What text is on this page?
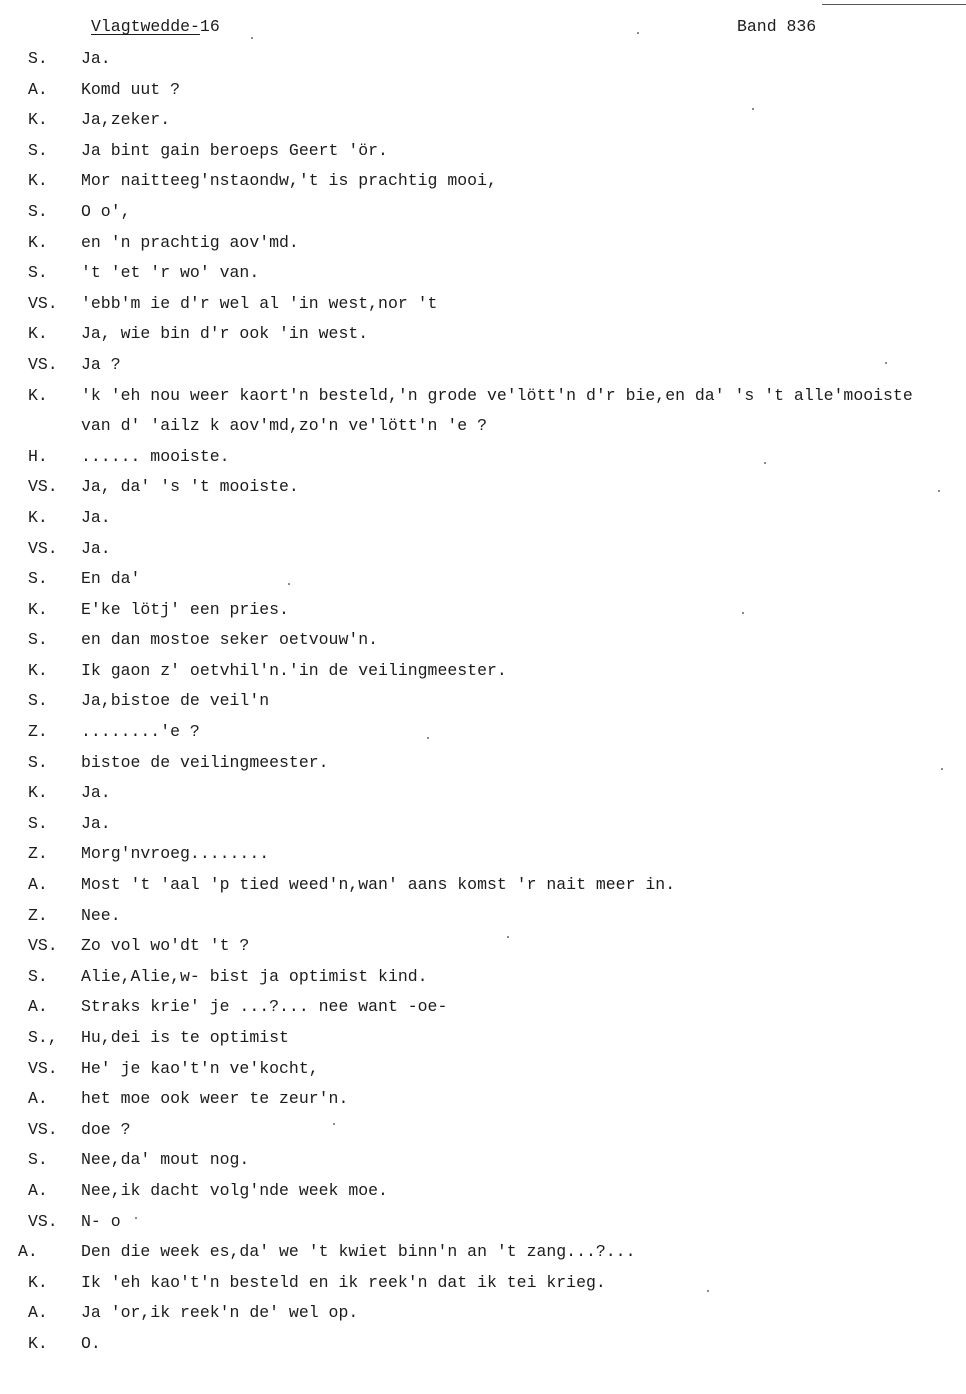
Vlagtwedde-16	Band 836
S. Ja.
A. Komd uut ?
K. Ja,zeker.
S. Ja bint gain beroeps Geert 'ör.
K. Mor naitteeg'nstaondw,'t is prachtig mooi,
S. O o',
K. en 'n prachtig aov'md.
S. 't 'et 'r wo' van.
VS. 'ebb'm ie d'r wel al 'in west,nor 't
K. Ja, wie bin d'r ook 'in west.
VS. Ja ?
K. 'k 'eh nou weer kaort'n besteld,'n grode ve'lött'n d'r bie,en da' 's 't alle'mooiste
van d' 'ailz k aov'md,zo'n ve'lött'n 'e ?
H. ...... mooiste.
VS. Ja, da' 's 't mooiste.
K. Ja.
VS. Ja.
S. En da'
K. E'ke lötj' een pries.
S. en dan mostoe seker oetvouw'n.
K. Ik gaon z' oetvhil'n.'in de veilingmeester.
S. Ja,bistoe de veil'n
Z. ........'e ?
S. bistoe de veilingmeester.
K. Ja.
S. Ja.
Z. Morg'nvroeg........
A. Most 't 'aal 'p tied weed'n,wan' aans komst 'r nait meer in.
Z. Nee.
VS. Zo vol wo'dt 't ?
S. Alie,Alie,w- bist ja optimist kind.
A. Straks krie' je ...?... nee want -oe-
S., Hu,dei is te optimist
VS. He' je kao't'n ve'kocht,
A. het moe ook weer te zeur'n.
VS. doe ?
S. Nee,da' mout nog.
A. Nee,ik dacht volg'nde week moe.
VS. N- o
A.	Den die week es,da' we 't kwiet binn'n an 't zang...?...
K. Ik 'eh kao't'n besteld en ik reek'n dat ik tei krieg.
A. Ja 'or,ik reek'n de' wel op.
K. O.
